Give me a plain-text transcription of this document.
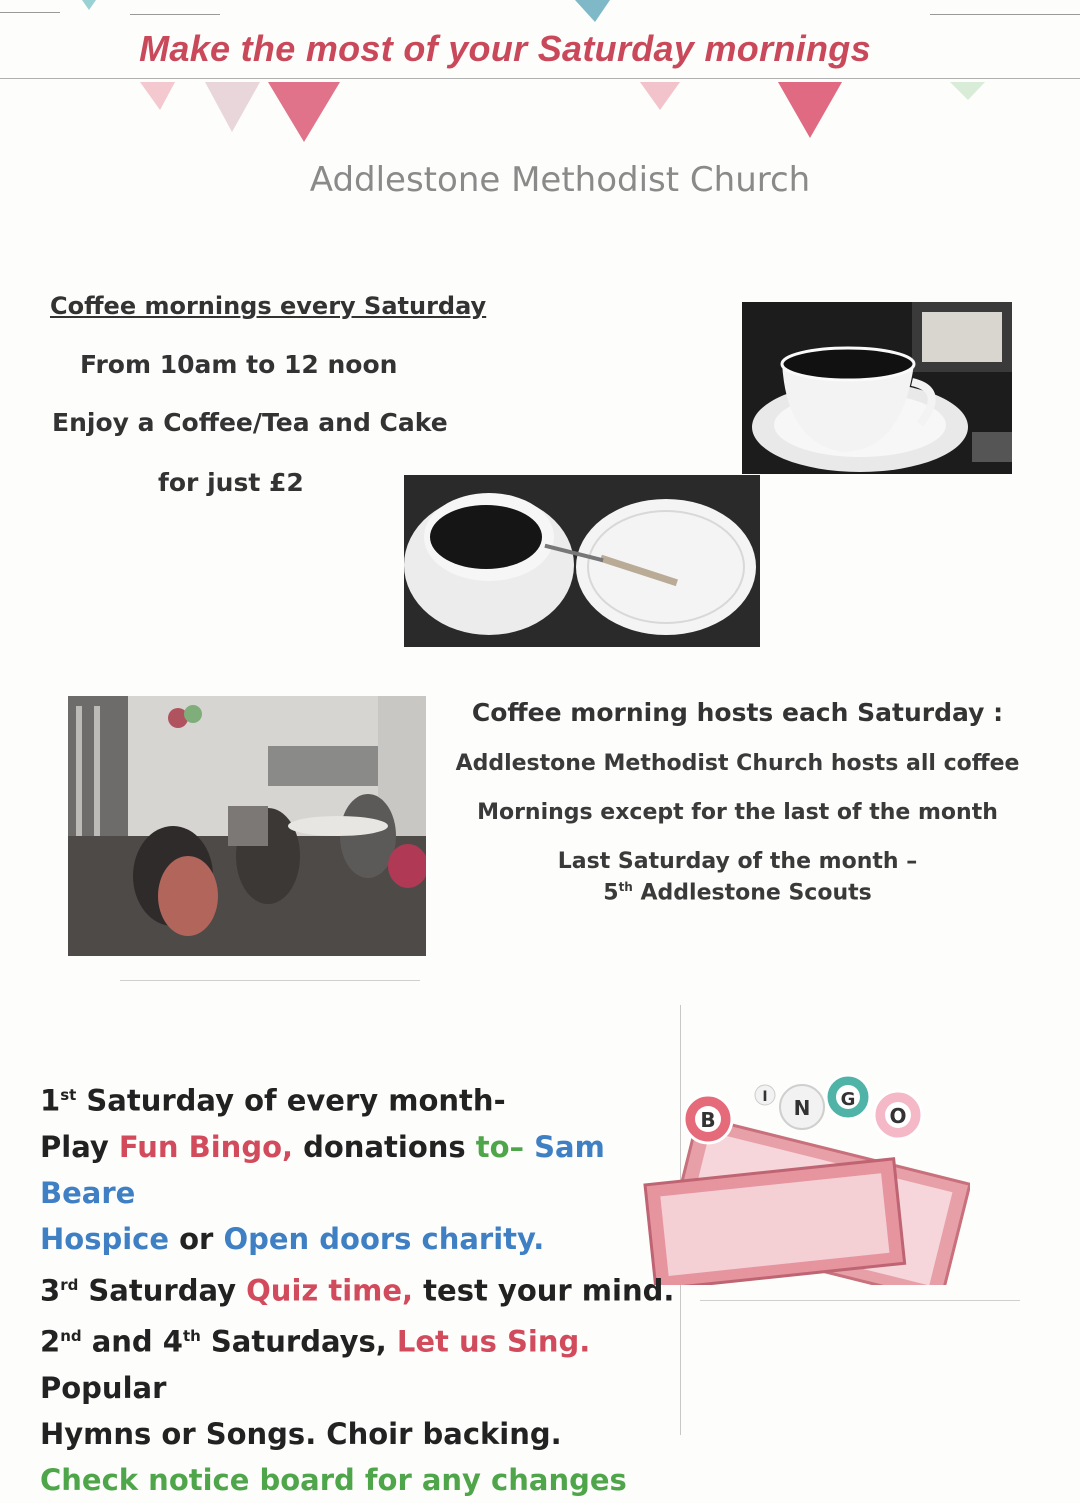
Make the most of your Saturday mornings
Addlestone Methodist Church
Coffee mornings every Saturday
From 10am to 12 noon
Enjoy a Coffee/Tea and Cake
for just £2
Coffee morning hosts each Saturday :
Addlestone Methodist Church hosts all coffee
Mornings except for the last of the month
Last Saturday of the month –
5th Addlestone Scouts
B
I N G
O
1st Saturday of every month-
Play Fun Bingo, donations to– Sam Beare
Hospice or Open doors charity.
3rd Saturday Quiz time, test your mind.
2nd and 4th Saturdays, Let us Sing. Popular
Hymns or Songs. Choir backing.
Check notice board for any changes
